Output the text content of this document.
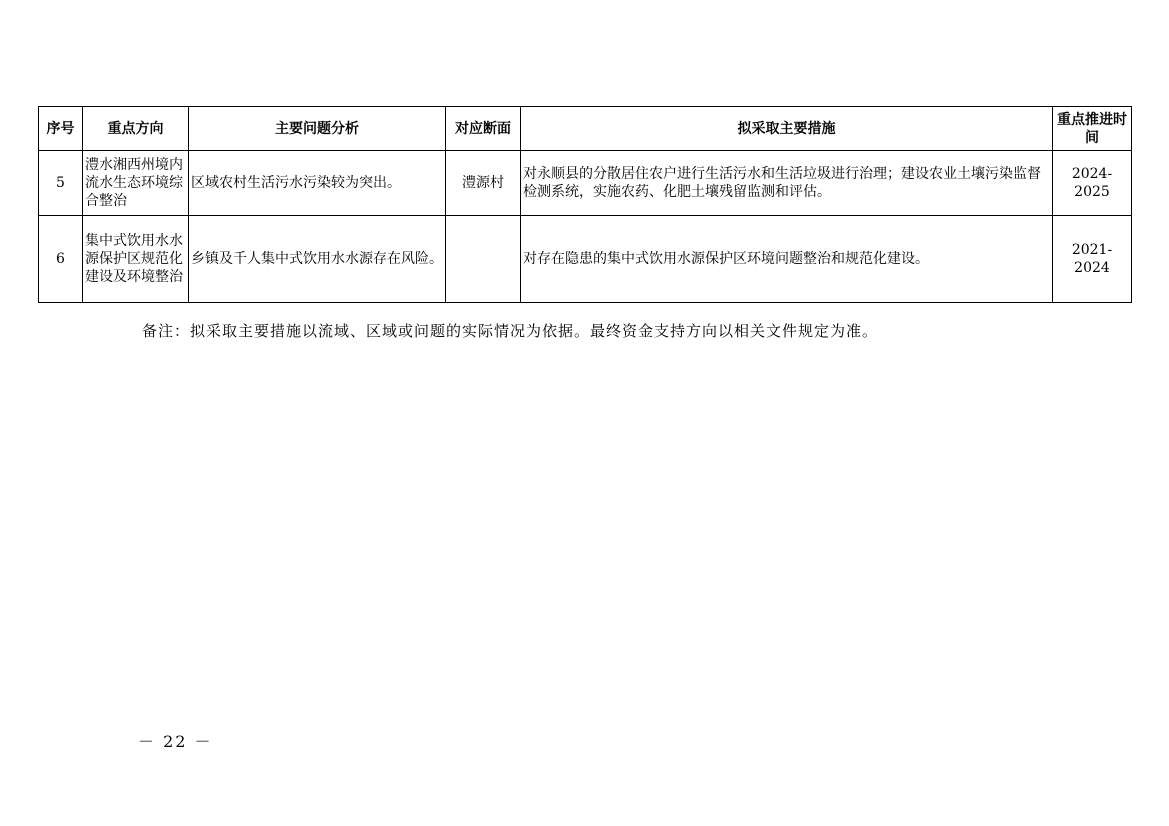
序号	重点方向	主要问题分析	对应断面	拟采取主要措施	重点推进时间
5	澧水湘西州境内流水生态环境综合整治	区域农村生活污水污染较为突出。	澧源村	对永顺县的分散居住农户进行生活污水和生活垃圾进行治理；建设农业土壤污染监督检测系统，实施农药、化肥土壤残留监测和评估。	2024-2025
6	集中式饮用水水源保护区规范化建设及环境整治	乡镇及千人集中式饮用水水源存在风险。		对存在隐患的集中式饮用水源保护区环境问题整治和规范化建设。	2021-2024
备注：拟采取主要措施以流域、区域或问题的实际情况为依据。最终资金支持方向以相关文件规定为准。
－ 22 －
